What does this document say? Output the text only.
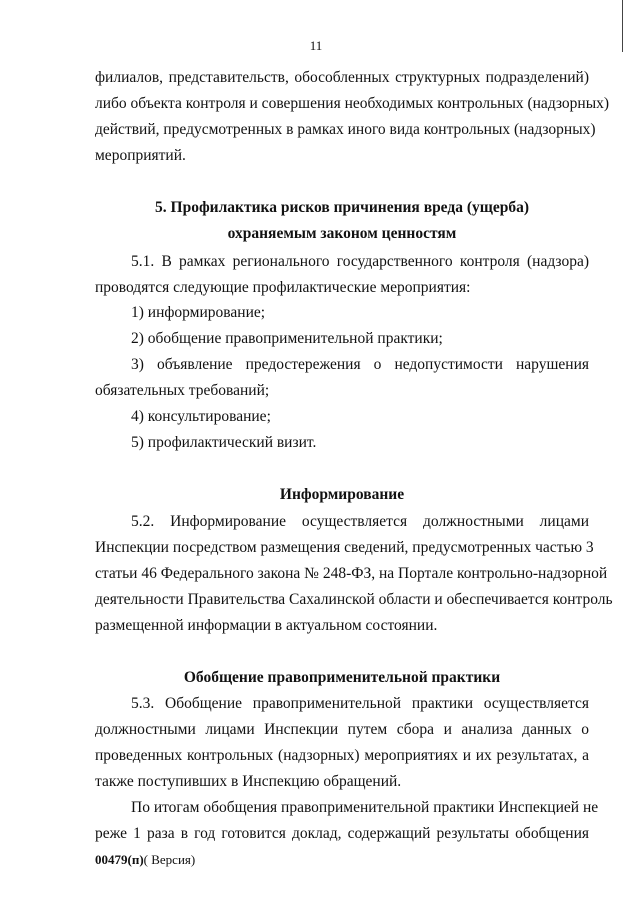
11
филиалов, представительств, обособленных структурных подразделений)
либо объекта контроля и совершения необходимых контрольных (надзорных)
действий, предусмотренных в рамках иного вида контрольных (надзорных)
мероприятий.
5. Профилактика рисков причинения вреда (ущерба)
охраняемым законом ценностям
5.1. В рамках регионального государственного контроля (надзора)
проводятся следующие профилактические мероприятия:
1) информирование;
2) обобщение правоприменительной практики;
3) объявление предостережения о недопустимости нарушения
обязательных требований;
4) консультирование;
5) профилактический визит.
Информирование
5.2. Информирование осуществляется должностными лицами
Инспекции посредством размещения сведений, предусмотренных частью 3
статьи 46 Федерального закона № 248-ФЗ, на Портале контрольно-надзорной
деятельности Правительства Сахалинской области и обеспечивается контроль
размещенной информации в актуальном состоянии.
Обобщение правоприменительной практики
5.3. Обобщение правоприменительной практики осуществляется
должностными лицами Инспекции путем сбора и анализа данных о
проведенных контрольных (надзорных) мероприятиях и их результатах, а
также поступивших в Инспекцию обращений.
По итогам обобщения правоприменительной практики Инспекцией не
реже 1 раза в год готовится доклад, содержащий результаты обобщения
00479(п)( Версия)
